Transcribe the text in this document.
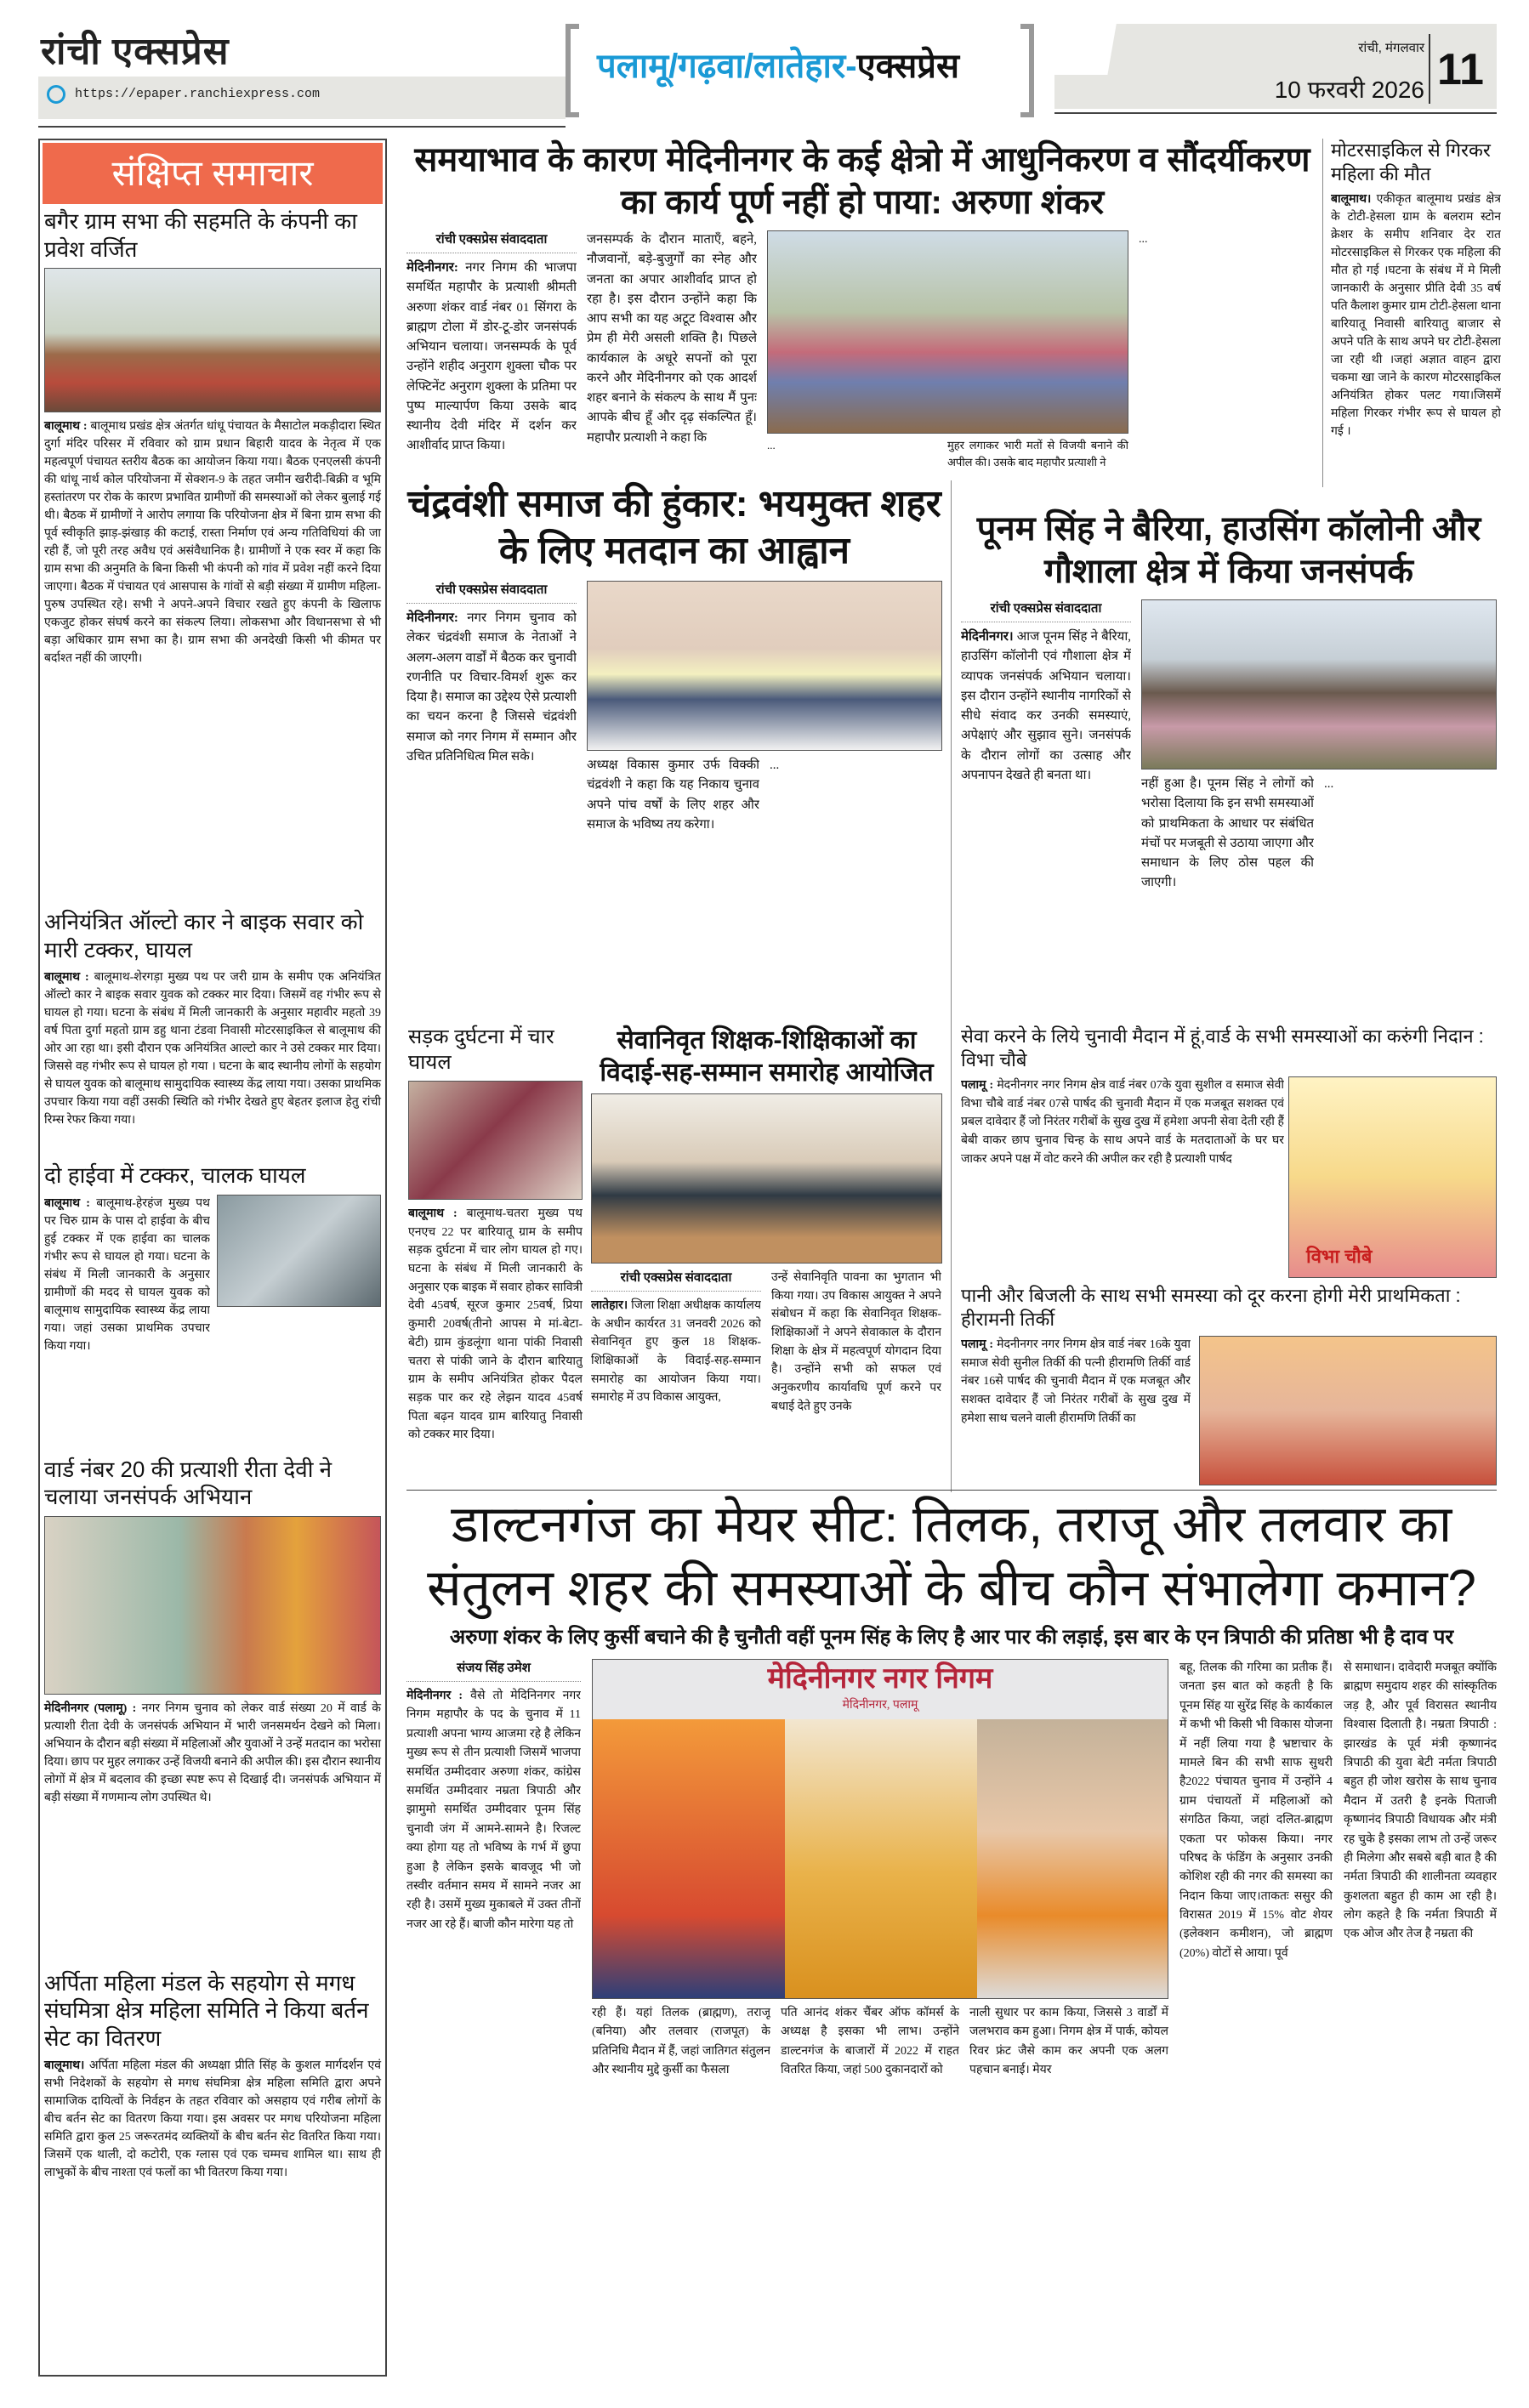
रांची एक्सप्रेस
https://epaper.ranchiexpress.com
पलामू/गढ़वा/लातेहार-एक्सप्रेस	रांची, मंगलवार
10 फरवरी 2026 11
संक्षिप्त समाचार
बगैर ग्राम सभा की सहमति के कंपनी का प्रवेश वर्जित
बालूमाथ : बालूमाथ प्रखंड क्षेत्र अंतर्गत धांधू पंचायत के मैसाटोल मकड़ीदारा स्थित दुर्गा मंदिर परिसर में रविवार को ग्राम प्रधान बिहारी यादव के नेतृत्व में एक महत्वपूर्ण पंचायत स्तरीय बैठक का आयोजन किया गया। बैठक एनएलसी कंपनी की धांधू नार्थ कोल परियोजना में सेक्शन-9 के तहत जमीन खरीदी-बिक्री व भूमि हस्तांतरण पर रोक के कारण प्रभावित ग्रामीणों की समस्याओं को लेकर बुलाई गई थी। बैठक में ग्रामीणों ने आरोप लगाया कि परियोजना क्षेत्र में बिना ग्राम सभा की पूर्व स्वीकृति झाड़-झंखाड़ की कटाई, रास्ता निर्माण एवं अन्य गतिविधियां की जा रही हैं, जो पूरी तरह अवैध एवं असंवैधानिक है। ग्रामीणों ने एक स्वर में कहा कि ग्राम सभा की अनुमति के बिना किसी भी कंपनी को गांव में प्रवेश नहीं करने दिया जाएगा। बैठक में पंचायत एवं आसपास के गांवों से बड़ी संख्या में ग्रामीण महिला-पुरुष उपस्थित रहे। सभी ने अपने-अपने विचार रखते हुए कंपनी के खिलाफ एकजुट होकर संघर्ष करने का संकल्प लिया। लोकसभा और विधानसभा से भी बड़ा अधिकार ग्राम सभा का है। ग्राम सभा की अनदेखी किसी भी कीमत पर बर्दाश्त नहीं की जाएगी।
अनियंत्रित ऑल्टो कार ने बाइक सवार को मारी टक्कर, घायल
बालूमाथ : बालूमाथ-शेरगड़ा मुख्य पथ पर जरी ग्राम के समीप एक अनियंत्रित ऑल्टो कार ने बाइक सवार युवक को टक्कर मार दिया। जिसमें वह गंभीर रूप से घायल हो गया। घटना के संबंध में मिली जानकारी के अनुसार महावीर महतो 39 वर्ष पिता दुर्गा महतो ग्राम डहु थाना टंडवा निवासी मोटरसाइकिल से बालूमाथ की ओर आ रहा था। इसी दौरान एक अनियंत्रित आल्टो कार ने उसे टक्कर मार दिया। जिससे वह गंभीर रूप से घायल हो गया । घटना के बाद स्थानीय लोगों के सहयोग से घायल युवक को बालूमाथ सामुदायिक स्वास्थ्य केंद्र लाया गया। उसका प्राथमिक उपचार किया गया वहीं उसकी स्थिति को गंभीर देखते हुए बेहतर इलाज हेतु रांची रिम्स रेफर किया गया।
दो हाईवा में टक्कर, चालक घायल
बालूमाथ : बालूमाथ-हेरहंज मुख्य पथ पर चिरु ग्राम के पास दो हाईवा के बीच हुई टक्कर में एक हाईवा का चालक गंभीर रूप से घायल हो गया। घटना के संबंध में मिली जानकारी के अनुसार ग्रामीणों की मदद से घायल युवक को बालूमाथ सामुदायिक स्वास्थ्य केंद्र लाया गया। जहां उसका प्राथमिक उपचार किया गया।
वार्ड नंबर 20 की प्रत्याशी रीता देवी ने चलाया जनसंपर्क अभियान
मेदिनीनगर (पलामू) : नगर निगम चुनाव को लेकर वार्ड संख्या 20 में वार्ड के प्रत्याशी रीता देवी के जनसंपर्क अभियान में भारी जनसमर्थन देखने को मिला। अभियान के दौरान बड़ी संख्या में महिलाओं और युवाओं ने उन्हें मतदान का भरोसा दिया। छाप पर मुहर लगाकर उन्हें विजयी बनाने की अपील की। इस दौरान स्थानीय लोगों में क्षेत्र में बदलाव की इच्छा स्पष्ट रूप से दिखाई दी। जनसंपर्क अभियान में बड़ी संख्या में गणमान्य लोग उपस्थित थे।
अर्पिता महिला मंडल के सहयोग से मगध संघमित्रा क्षेत्र महिला समिति ने किया बर्तन सेट का वितरण
बालूमाथ। अर्पिता महिला मंडल की अध्यक्षा प्रीति सिंह के कुशल मार्गदर्शन एवं सभी निदेशकों के सहयोग से मगध संघमित्रा क्षेत्र महिला समिति द्वारा अपने सामाजिक दायित्वों के निर्वहन के तहत रविवार को असहाय एवं गरीब लोगों के बीच बर्तन सेट का वितरण किया गया। इस अवसर पर मगध परियोजना महिला समिति द्वारा कुल 25 जरूरतमंद व्यक्तियों के बीच बर्तन सेट वितरित किया गया। जिसमें एक थाली, दो कटोरी, एक ग्लास एवं एक चम्मच शामिल था। साथ ही लाभुकों के बीच नाश्ता एवं फलों का भी वितरण किया गया।
समयाभाव के कारण मेदिनीनगर के कई क्षेत्रो में आधुनिकरण व सौंदर्यीकरण का कार्य पूर्ण नहीं हो पाया: अरुणा शंकर
रांची एक्सप्रेस संवाददाता
मेदिनीनगर: नगर निगम की भाजपा समर्थित महापौर के प्रत्याशी श्रीमती अरुणा शंकर वार्ड नंबर 01 सिंगरा के ब्राह्मण टोला में डोर-टू-डोर जनसंपर्क अभियान चलाया। जनसम्पर्क के पूर्व उन्होंने शहीद अनुराग शुक्ला चौक पर लेफ्टिनेंट अनुराग शुक्ला के प्रतिमा पर पुष्प माल्यार्पण किया उसके बाद स्थानीय देवी मंदिर में दर्शन कर आशीर्वाद प्राप्त किया।
जनसम्पर्क के दौरान माताएँ, बहने, नौजवानों, बड़े-बुजुर्गों का स्नेह और जनता का अपार आशीर्वाद प्राप्त हो रहा है। इस दौरान उन्होंने कहा कि आप सभी का यह अटूट विश्वास और प्रेम ही मेरी असली शक्ति है। पिछले कार्यकाल के अधूरे सपनों को पूरा करने और मेदिनीनगर को एक आदर्श शहर बनाने के संकल्प के साथ मैं पुनः आपके बीच हूँ और दृढ़ संकल्पित हूँ। महापौर प्रत्याशी ने कहा कि
...	मुहर लगाकर भारी मतों से विजयी बनाने की अपील की। उसके बाद महापौर प्रत्याशी ने
...
मोटरसाइकिल से गिरकर महिला की मौत
बालूमाथ। एकीकृत बालूमाथ प्रखंड क्षेत्र के टोटी-हेसला ग्राम के बलराम स्टोन क्रेशर के समीप शनिवार देर रात मोटरसाइकिल से गिरकर एक महिला की मौत हो गई ।घटना के संबंध में मे मिली जानकारी के अनुसार प्रीति देवी 35 वर्ष पति कैलाश कुमार ग्राम टोटी-हेसला थाना बारियातू निवासी बारियातु बाजार से अपने पति के साथ अपने घर टोटी-हेसला जा रही थी ।जहां अज्ञात वाहन द्वारा चकमा खा जाने के कारण मोटरसाइकिल अनियंत्रित होकर पलट गया।जिसमें महिला गिरकर गंभीर रूप से घायल हो गई ।
चंद्रवंशी समाज की हुंकार: भयमुक्त शहर के लिए मतदान का आह्वान
रांची एक्सप्रेस संवाददाता
मेदिनीनगर: नगर निगम चुनाव को लेकर चंद्रवंशी समाज के नेताओं ने अलग-अलग वार्डों में बैठक कर चुनावी रणनीति पर विचार-विमर्श शुरू कर दिया है। समाज का उद्देश्य ऐसे प्रत्याशी का चयन करना है जिससे चंद्रवंशी समाज को नगर निगम में सम्मान और उचित प्रतिनिधित्व मिल सके।
अध्यक्ष विकास कुमार उर्फ विक्की चंद्रवंशी ने कहा कि यह निकाय चुनाव अपने पांच वर्षों के लिए शहर और समाज के भविष्य तय करेगा।
...
पूनम सिंह ने बैरिया, हाउसिंग कॉलोनी और गौशाला क्षेत्र में किया जनसंपर्क
रांची एक्सप्रेस संवाददाता
मेदिनीनगर। आज पूनम सिंह ने बैरिया, हाउसिंग कॉलोनी एवं गौशाला क्षेत्र में व्यापक जनसंपर्क अभियान चलाया। इस दौरान उन्होंने स्थानीय नागरिकों से सीधे संवाद कर उनकी समस्याएं, अपेक्षाएं और सुझाव सुने। जनसंपर्क के दौरान लोगों का उत्साह और अपनापन देखते ही बनता था।
नहीं हुआ है। पूनम सिंह ने लोगों को भरोसा दिलाया कि इन सभी समस्याओं को प्राथमिकता के आधार पर संबंधित मंचों पर मजबूती से उठाया जाएगा और समाधान के लिए ठोस पहल की जाएगी।
...
सड़क दुर्घटना में चार घायल
बालूमाथ : बालूमाथ-चतरा मुख्य पथ एनएच 22 पर बारियातू ग्राम के समीप सड़क दुर्घटना में चार लोग घायल हो गए।घटना के संबंध में मिली जानकारी के अनुसार एक बाइक में सवार होकर सावित्री देवी 45वर्ष, सूरज कुमार 25वर्ष, प्रिया कुमारी 20वर्ष(तीनो आपस मे मां-बेटा-बेटी) ग्राम कुंडलूंगा थाना पांकी निवासी चतरा से पांकी जाने के दौरान बारियातु ग्राम के समीप अनियंत्रित होकर पैदल सड़क पार कर रहे लेझन यादव 45वर्ष पिता बढ़न यादव ग्राम बारियातु निवासी को टक्कर मार दिया।
सेवानिवृत शिक्षक-शिक्षिकाओं का विदाई-सह-सम्मान समारोह आयोजित
रांची एक्सप्रेस संवाददाता
लातेहार। जिला शिक्षा अधीक्षक कार्यालय के अधीन कार्यरत 31 जनवरी 2026 को सेवानिवृत हुए कुल 18 शिक्षक-शिक्षिकाओं के विदाई-सह-सम्मान समारोह का आयोजन किया गया। समारोह में उप विकास आयुक्त,
उन्हें सेवानिवृति पावना का भुगतान भी किया गया। उप विकास आयुक्त ने अपने संबोधन में कहा कि सेवानिवृत शिक्षक-शिक्षिकाओं ने अपने सेवाकाल के दौरान शिक्षा के क्षेत्र में महत्वपूर्ण योगदान दिया है। उन्होंने सभी को सफल एवं अनुकरणीय कार्यावधि पूर्ण करने पर बधाई देते हुए उनके
सेवा करने के लिये चुनावी मैदान में हूं,वार्ड के सभी समस्याओं का करुंगी निदान : विभा चौबे
पलामू : मेदनीनगर नगर निगम क्षेत्र वार्ड नंबर 07के युवा सुशील व समाज सेवी विभा चौबे वार्ड नंबर 07से पार्षद की चुनावी मैदान में एक मजबूत सशक्त एवं प्रबल दावेदार हैं जो निरंतर गरीबों के सुख दुख में हमेशा अपनी सेवा देती रही हैं बेबी वाकर छाप चुनाव चिन्ह के साथ अपने वार्ड के मतदाताओं के घर घर जाकर अपने पक्ष में वोट करने की अपील कर रही है प्रत्याशी पार्षद
विभा चौबे
पानी और बिजली के साथ सभी समस्या को दूर करना होगी मेरी प्राथमिकता : हीरामनी तिर्की
पलामू : मेदनीनगर नगर निगम क्षेत्र वार्ड नंबर 16के युवा समाज सेवी सुनील तिर्की की पत्नी हीरामणि तिर्की वार्ड नंबर 16से पार्षद की चुनावी मैदान में एक मजबूत और सशक्त दावेदार हैं जो निरंतर गरीबों के सुख दुख में हमेशा साथ चलने वाली हीरामणि तिर्की का
डाल्टनगंज का मेयर सीट: तिलक, तराजू और तलवार का संतुलन शहर की समस्याओं के बीच कौन संभालेगा कमान?
अरुणा शंकर के लिए कुर्सी बचाने की है चुनौती वहीं पूनम सिंह के लिए है आर पार की लड़ाई, इस बार के एन त्रिपाठी की प्रतिष्ठा भी है दाव पर
संजय सिंह उमेश
मेदिनीनगर : वैसे तो मेदिनिनगर नगर निगम महापौर के पद के चुनाव में 11 प्रत्याशी अपना भाग्य आजमा रहे है लेकिन मुख्य रूप से तीन प्रत्याशी जिसमें भाजपा समर्थित उम्मीदवार अरुणा शंकर, कांग्रेस समर्थित उम्मीदवार नम्रता त्रिपाठी और झामुमो समर्थित उम्मीदवार पूनम सिंह चुनावी जंग में आमने-सामने है। रिजल्ट क्या होगा यह तो भविष्य के गर्भ में छुपा हुआ है लेकिन इसके बावजूद भी जो तस्वीर वर्तमान समय में सामने नजर आ रही है। उसमें मुख्य मुकाबले में उक्त तीनों नजर आ रहे हैं। बाजी कौन मारेगा यह तो
मेदिनीनगर नगर निगम
मेदिनीनगर, पलामू
रही हैं। यहां तिलक (ब्राह्मण), तराजू (बनिया) और तलवार (राजपूत) के प्रतिनिधि मैदान में हैं, जहां जातिगत संतुलन और स्थानीय मुद्दे कुर्सी का फैसला
पति आनंद शंकर चैंबर ऑफ कॉमर्स के अध्यक्ष है इसका भी लाभ। उन्होंने डाल्टनगंज के बाजारों में 2022 में राहत वितरित किया, जहां 500 दुकानदारों को
नाली सुधार पर काम किया, जिससे 3 वार्डों में जलभराव कम हुआ। निगम क्षेत्र में पार्क, कोयल रिवर फ्रंट जैसे काम कर अपनी एक अलग पहचान बनाई। मेयर
बहू, तिलक की गरिमा का प्रतीक हैं। जनता इस बात को कहती है कि पूनम सिंह या सुरेंद्र सिंह के कार्यकाल में कभी भी किसी भी विकास योजना में नहीं लिया गया है भ्रष्टाचार के मामले बिन की सभी साफ सुथरी है2022 पंचायत चुनाव में उन्होंने 4 ग्राम पंचायतों में महिलाओं को संगठित किया, जहां दलित-ब्राह्मण एकता पर फोकस किया। नगर परिषद के फंडिंग के अनुसार उनकी कोशिश रही की नगर की समस्या का निदान किया जाए।ताकतः ससुर की विरासत 2019 में 15% वोट शेयर (इलेक्शन कमीशन), जो ब्राह्मण (20%) वोटों से आया। पूर्व
से समाधान। दावेदारी मजबूत क्योंकि ब्राह्मण समुदाय शहर की सांस्कृतिक जड़ है, और पूर्व विरासत स्थानीय विश्वास दिलाती है। नम्रता त्रिपाठी : झारखंड के पूर्व मंत्री कृष्णानंद त्रिपाठी की युवा बेटी नर्मता त्रिपाठी बहुत ही जोश खरोस के साथ चुनाव मैदान में उतरी है इनके पिताजी कृष्णानंद त्रिपाठी विधायक और मंत्री रह चुके है इसका लाभ तो उन्हें जरूर ही मिलेगा और सबसे बड़ी बात है की नर्मता त्रिपाठी की शालीनता व्यवहार कुशलता बहुत ही काम आ रही है। लोग कहते है कि नर्मता त्रिपाठी में एक ओज और तेज है नम्रता की
